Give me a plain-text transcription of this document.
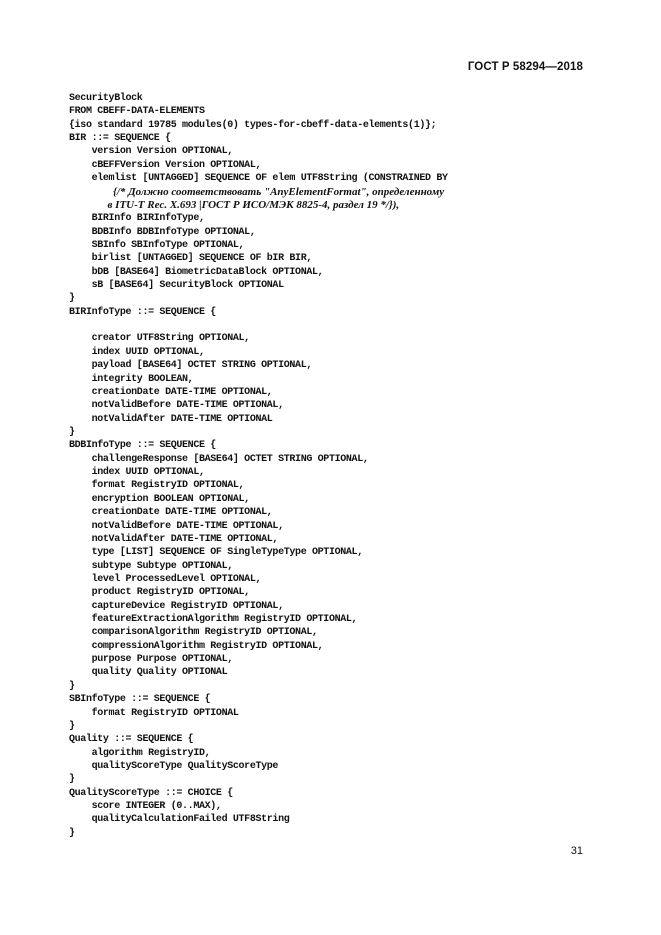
ГОСТ Р 58294—2018
SecurityBlock
FROM CBEFF-DATA-ELEMENTS
{iso standard 19785 modules(0) types-for-cbeff-data-elements(1)};
BIR ::= SEQUENCE {
version Version OPTIONAL,
cBEFFVersion Version OPTIONAL,
elemlist [UNTAGGED] SEQUENCE OF elem UTF8String (CONSTRAINED BY
{/* Должно соответствовать "AnyElementFormat", определенному
в ITU-T Rec. X.693 |ГОСТ Р ИСО/МЭК 8825-4, раздел 19 */}),
BIRInfo BIRInfoType,
BDBInfo BDBInfoType OPTIONAL,
SBInfo SBInfoType OPTIONAL,
birlist [UNTAGGED] SEQUENCE OF bIR BIR,
bDB [BASE64] BiometricDataBlock OPTIONAL,
sB [BASE64] SecurityBlock OPTIONAL
}
BIRInfoType ::= SEQUENCE {
creator UTF8String OPTIONAL,
index UUID OPTIONAL,
payload [BASE64] OCTET STRING OPTIONAL,
integrity BOOLEAN,
creationDate DATE-TIME OPTIONAL,
notValidBefore DATE-TIME OPTIONAL,
notValidAfter DATE-TIME OPTIONAL
}
BDBInfoType ::= SEQUENCE {
challengeResponse [BASE64] OCTET STRING OPTIONAL,
index UUID OPTIONAL,
format RegistryID OPTIONAL,
encryption BOOLEAN OPTIONAL,
creationDate DATE-TIME OPTIONAL,
notValidBefore DATE-TIME OPTIONAL,
notValidAfter DATE-TIME OPTIONAL,
type [LIST] SEQUENCE OF SingleTypeType OPTIONAL,
subtype Subtype OPTIONAL,
level ProcessedLevel OPTIONAL,
product RegistryID OPTIONAL,
captureDevice RegistryID OPTIONAL,
featureExtractionAlgorithm RegistryID OPTIONAL,
comparisonAlgorithm RegistryID OPTIONAL,
compressionAlgorithm RegistryID OPTIONAL,
purpose Purpose OPTIONAL,
quality Quality OPTIONAL
}
SBInfoType ::= SEQUENCE {
format RegistryID OPTIONAL
}
Quality ::= SEQUENCE {
algorithm RegistryID,
qualityScoreType QualityScoreType
}
QualityScoreType ::= CHOICE {
score INTEGER (0..MAX),
qualityCalculationFailed UTF8String
}
31
